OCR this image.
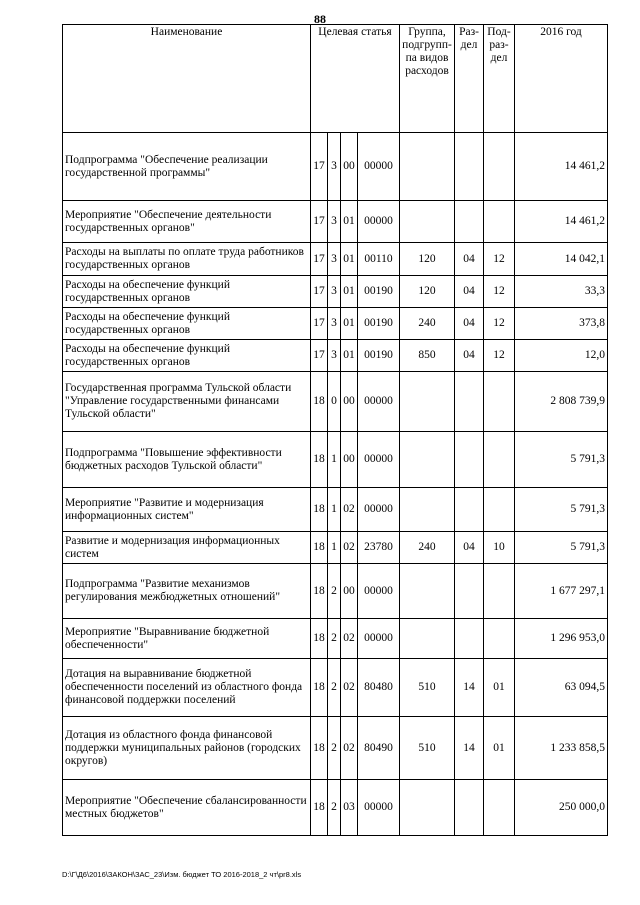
88
Наименование	Целевая статья				Группа, подгрупп- па видов расходов	Раз- дел	Под- раз- дел	2016 год
Подпрограмма "Обеспечение реализации государственной программы"	17	3	00	00000				14 461,2
Мероприятие "Обеспечение деятельности государственных органов"	17	3	01	00000				14 461,2
Расходы на выплаты по оплате труда работников государственных органов	17	3	01	00110	120	04	12	14 042,1
Расходы на обеспечение функций государственных органов	17	3	01	00190	120	04	12	33,3
Расходы на обеспечение функций государственных органов	17	3	01	00190	240	04	12	373,8
Расходы на обеспечение функций государственных органов	17	3	01	00190	850	04	12	12,0
Государственная программа Тульской области "Управление государственными финансами Тульской области"	18	0	00	00000				2 808 739,9
Подпрограмма "Повышение эффективности бюджетных расходов Тульской области"	18	1	00	00000				5 791,3
Мероприятие "Развитие и модернизация информационных систем"	18	1	02	00000				5 791,3
Развитие и модернизация информационных систем	18	1	02	23780	240	04	10	5 791,3
Подпрограмма "Развитие механизмов регулирования межбюджетных отношений"	18	2	00	00000				1 677 297,1
Мероприятие "Выравнивание бюджетной обеспеченности"	18	2	02	00000				1 296 953,0
Дотация на выравнивание бюджетной обеспеченности поселений из областного фонда финансовой поддержки поселений	18	2	02	80480	510	14	01	63 094,5
Дотация из областного фонда финансовой поддержки муниципальных районов (городских округов)	18	2	02	80490	510	14	01	1 233 858,5
Мероприятие "Обеспечение сбалансированности местных бюджетов"	18	2	03	00000				250 000,0
D:\Г\Д6\2016\ЗАКОН\ЗАС_23\Изм. бюджет ТО 2016-2018_2 чт\pr8.xls
